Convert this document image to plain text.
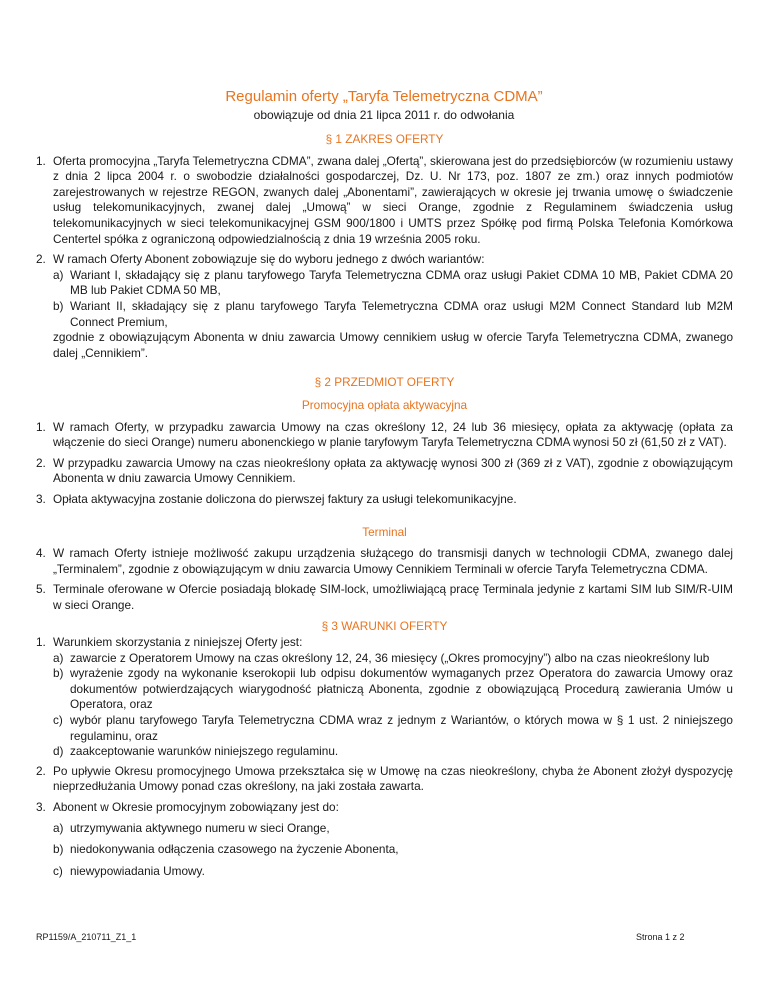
Regulamin oferty „Taryfa Telemetryczna CDMA”
obowiązuje od dnia 21 lipca 2011 r. do odwołania

§ 1 ZAKRES OFERTY

1. Oferta promocyjna „Taryfa Telemetryczna CDMA”, zwana dalej „Ofertą”, skierowana jest do przedsiębiorców (w rozumieniu ustawy z dnia 2 lipca 2004 r. o swobodzie działalności gospodarczej, Dz. U. Nr 173, poz. 1807 ze zm.) oraz innych podmiotów zarejestrowanych w rejestrze REGON, zwanych dalej „Abonentami”, zawierających w okresie jej trwania umowę o świadczenie usług telekomunikacyjnych, zwanej dalej „Umową” w sieci Orange, zgodnie z Regulaminem świadczenia usług telekomunikacyjnych w sieci telekomunikacyjnej GSM 900/1800 i UMTS przez Spółkę pod firmą Polska Telefonia Komórkowa Centertel spółka z ograniczoną odpowiedzialnością z dnia 19 września 2005 roku.
2. W ramach Oferty Abonent zobowiązuje się do wyboru jednego z dwóch wariantów:
a) Wariant I, składający się z planu taryfowego Taryfa Telemetryczna CDMA oraz usługi Pakiet CDMA 10 MB, Pakiet CDMA 20 MB lub Pakiet CDMA 50 MB,
b) Wariant II, składający się z planu taryfowego Taryfa Telemetryczna CDMA oraz usługi M2M Connect Standard lub M2M Connect Premium,
zgodnie z obowiązującym Abonenta w dniu zawarcia Umowy cennikiem usług w ofercie Taryfa Telemetryczna CDMA, zwanego dalej „Cennikiem”.

§ 2 PRZEDMIOT OFERTY

Promocyjna opłata aktywacyjna

1. W ramach Oferty, w przypadku zawarcia Umowy na czas określony 12, 24 lub 36 miesięcy, opłata za aktywację (opłata za włączenie do sieci Orange) numeru abonenckiego w planie taryfowym Taryfa Telemetryczna CDMA wynosi 50 zł (61,50 zł z VAT).
2. W przypadku zawarcia Umowy na czas nieokreślony opłata za aktywację wynosi 300 zł (369 zł z VAT), zgodnie z obowiązującym Abonenta w dniu zawarcia Umowy Cennikiem.
3. Opłata aktywacyjna zostanie doliczona do pierwszej faktury za usługi telekomunikacyjne.

Terminal

4. W ramach Oferty istnieje możliwość zakupu urządzenia służącego do transmisji danych w technologii CDMA, zwanego dalej „Terminalem”, zgodnie z obowiązującym w dniu zawarcia Umowy Cennikiem Terminali w ofercie Taryfa Telemetryczna CDMA.
5. Terminale oferowane w Ofercie posiadają blokadę SIM-lock, umożliwiającą pracę Terminala jedynie z kartami SIM lub SIM/R-UIM w sieci Orange.

§ 3 WARUNKI OFERTY

1. Warunkiem skorzystania z niniejszej Oferty jest:
a) zawarcie z Operatorem Umowy na czas określony 12, 24, 36 miesięcy („Okres promocyjny”) albo na czas nieokreślony lub
b) wyrażenie zgody na wykonanie kserokopii lub odpisu dokumentów wymaganych przez Operatora do zawarcia Umowy oraz dokumentów potwierdzających wiarygodność płatniczą Abonenta, zgodnie z obowiązującą Procedurą zawierania Umów u Operatora, oraz
c) wybór planu taryfowego Taryfa Telemetryczna CDMA wraz z jednym z Wariantów, o których mowa w § 1 ust. 2 niniejszego regulaminu, oraz
d) zaakceptowanie warunków niniejszego regulaminu.
2. Po upływie Okresu promocyjnego Umowa przekształca się w Umowę na czas nieokreślony, chyba że Abonent złożył dyspozycję nieprzedłużania Umowy ponad czas określony, na jaki została zawarta.
3. Abonent w Okresie promocyjnym zobowiązany jest do:
a) utrzymywania aktywnego numeru w sieci Orange,
b) niedokonywania odłączenia czasowego na życzenie Abonenta,
c) niewypowiadania Umowy.
RP1159/A_210711_Z1_1	Strona 1 z 2
